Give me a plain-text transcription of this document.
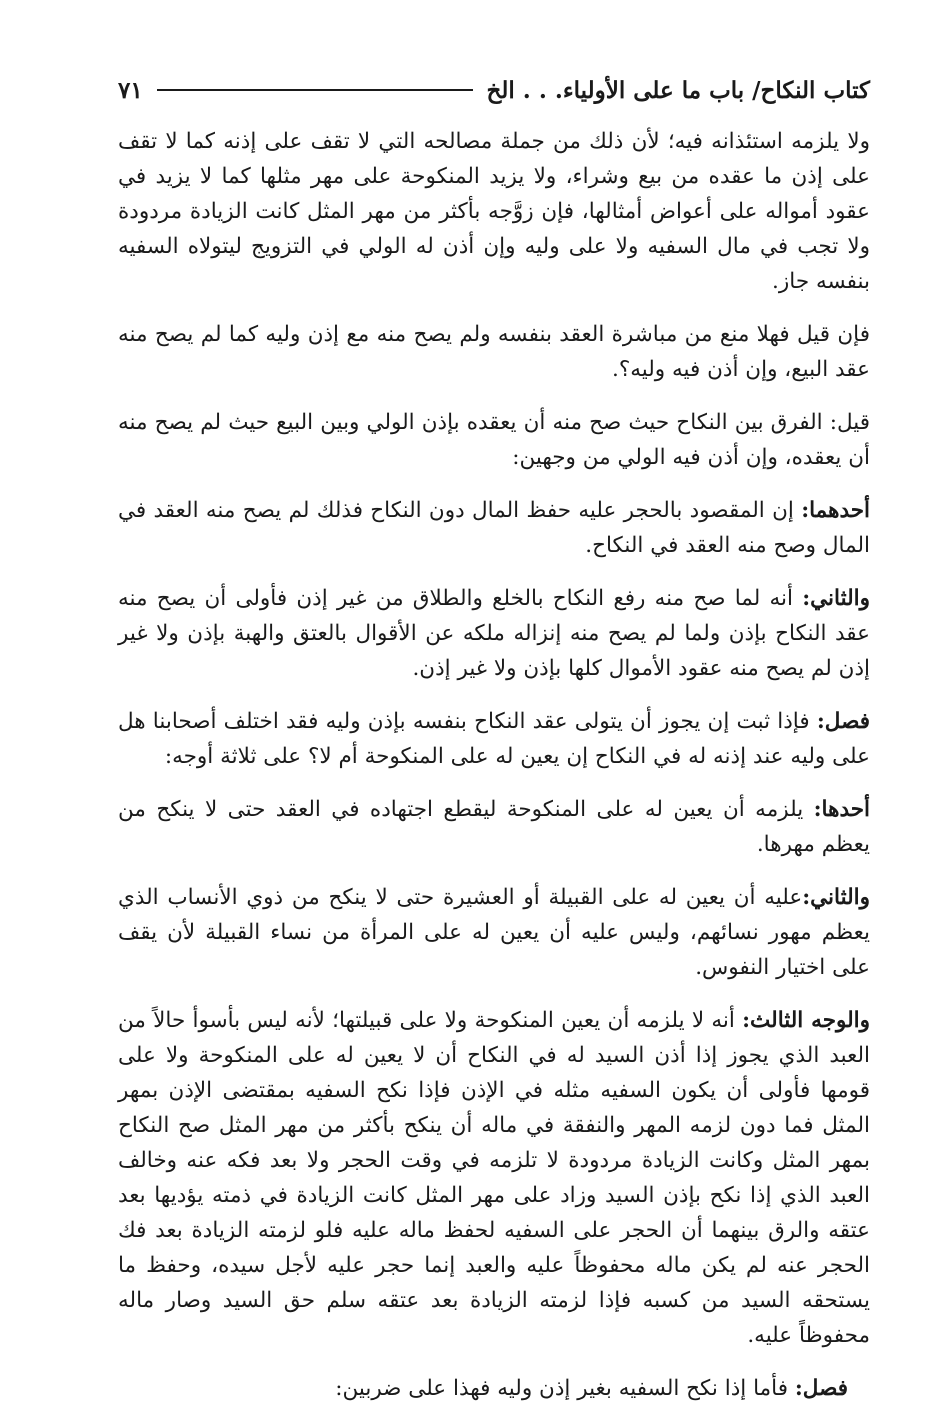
كتاب النكاح/ باب ما على الأولياء. . . الخ
٧١

ولا يلزمه استئذانه فيه؛ لأن ذلك من جملة مصالحه التي لا تقف على إذنه كما لا تقف على إذن ما عقده من بيع وشراء، ولا يزيد المنكوحة على مهر مثلها كما لا يزيد في عقود أمواله على أعواض أمثالها، فإن زوَّجه بأكثر من مهر المثل كانت الزيادة مردودة ولا تجب في مال السفيه ولا على وليه وإن أذن له الولي في التزويج ليتولاه السفيه بنفسه جاز.

فإن قيل فهلا منع من مباشرة العقد بنفسه ولم يصح منه مع إذن وليه كما لم يصح منه عقد البيع، وإن أذن فيه وليه؟.

قيل: الفرق بين النكاح حيث صح منه أن يعقده بإذن الولي وبين البيع حيث لم يصح منه أن يعقده، وإن أذن فيه الولي من وجهين:

أحدهما: إن المقصود بالحجر عليه حفظ المال دون النكاح فذلك لم يصح منه العقد في المال وصح منه العقد في النكاح.

والثاني: أنه لما صح منه رفع النكاح بالخلع والطلاق من غير إذن فأولى أن يصح منه عقد النكاح بإذن ولما لم يصح منه إنزاله ملكه عن الأقوال بالعتق والهبة بإذن ولا غير إذن لم يصح منه عقود الأموال كلها بإذن ولا غير إذن.

فصل: فإذا ثبت إن يجوز أن يتولى عقد النكاح بنفسه بإذن وليه فقد اختلف أصحابنا هل على وليه عند إذنه له في النكاح إن يعين له على المنكوحة أم لا؟ على ثلاثة أوجه:

أحدها: يلزمه أن يعين له على المنكوحة ليقطع اجتهاده في العقد حتى لا ينكح من يعظم مهرها.

والثاني:عليه أن يعين له على القبيلة أو العشيرة حتى لا ينكح من ذوي الأنساب الذي يعظم مهور نسائهم، وليس عليه أن يعين له على المرأة من نساء القبيلة لأن يقف على اختيار النفوس.

والوجه الثالث: أنه لا يلزمه أن يعين المنكوحة ولا على قبيلتها؛ لأنه ليس بأسوأ حالاً من العبد الذي يجوز إذا أذن السيد له في النكاح أن لا يعين له على المنكوحة ولا على قومها فأولى أن يكون السفيه مثله في الإذن فإذا نكح السفيه بمقتضى الإذن بمهر المثل فما دون لزمه المهر والنفقة في ماله أن ينكح بأكثر من مهر المثل صح النكاح بمهر المثل وكانت الزيادة مردودة لا تلزمه في وقت الحجر ولا بعد فكه عنه وخالف العبد الذي إذا نكح بإذن السيد وزاد على مهر المثل كانت الزيادة في ذمته يؤديها بعد عتقه والرق بينهما أن الحجر على السفيه لحفظ ماله عليه فلو لزمته الزيادة بعد فك الحجر عنه لم يكن ماله محفوظاً عليه والعبد إنما حجر عليه لأجل سيده، وحفظ ما يستحقه السيد من كسبه فإذا لزمته الزيادة بعد عتقه سلم حق السيد وصار ماله محفوظاً عليه.

فصل: فأما إذا نكح السفيه بغير إذن وليه فهذا على ضربين:
